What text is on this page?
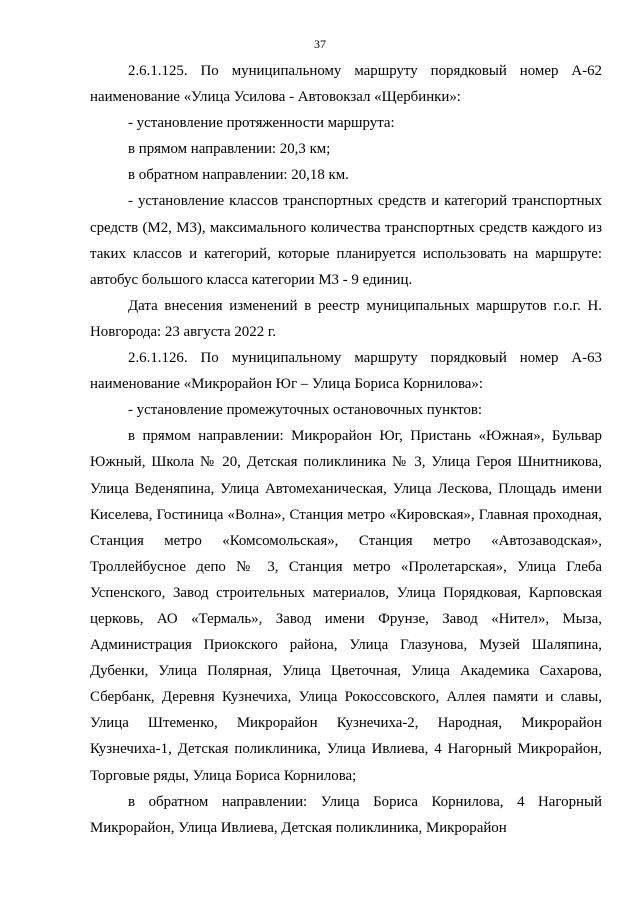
37

2.6.1.125. По муниципальному маршруту порядковый номер А-62 наименование «Улица Усилова - Автовокзал «Щербинки»:

- установление протяженности маршрута:

в прямом направлении: 20,3 км;

в обратном направлении: 20,18 км.

- установление классов транспортных средств и категорий транспортных средств (М2, М3), максимального количества транспортных средств каждого из таких классов и категорий, которые планируется использовать на маршруте: автобус большого класса категории М3 - 9 единиц.

Дата внесения изменений в реестр муниципальных маршрутов г.о.г. Н. Новгорода: 23 августа 2022 г.

2.6.1.126. По муниципальному маршруту порядковый номер А-63 наименование «Микрорайон Юг – Улица Бориса Корнилова»:

- установление промежуточных остановочных пунктов:

в прямом направлении: Микрорайон Юг, Пристань «Южная», Бульвар Южный, Школа № 20, Детская поликлиника № 3, Улица Героя Шнитникова, Улица Веденяпина, Улица Автомеханическая, Улица Лескова, Площадь имени Киселева, Гостиница «Волна», Станция метро «Кировская», Главная проходная, Станция метро «Комсомольская», Станция метро «Автозаводская», Троллейбусное депо № 3, Станция метро «Пролетарская», Улица Глеба Успенского, Завод строительных материалов, Улица Порядковая, Карповская церковь, АО «Термаль», Завод имени Фрунзе, Завод «Нител», Мыза, Администрация Приокского района, Улица Глазунова, Музей Шаляпина, Дубенки, Улица Полярная, Улица Цветочная, Улица Академика Сахарова, Сбербанк, Деревня Кузнечиха, Улица Рокоссовского, Аллея памяти и славы, Улица Штеменко, Микрорайон Кузнечиха-2, Народная, Микрорайон Кузнечиха-1, Детская поликлиника, Улица Ивлиева, 4 Нагорный Микрорайон, Торговые ряды, Улица Бориса Корнилова;

в обратном направлении: Улица Бориса Корнилова, 4 Нагорный Микрорайон, Улица Ивлиева, Детская поликлиника, Микрорайон
